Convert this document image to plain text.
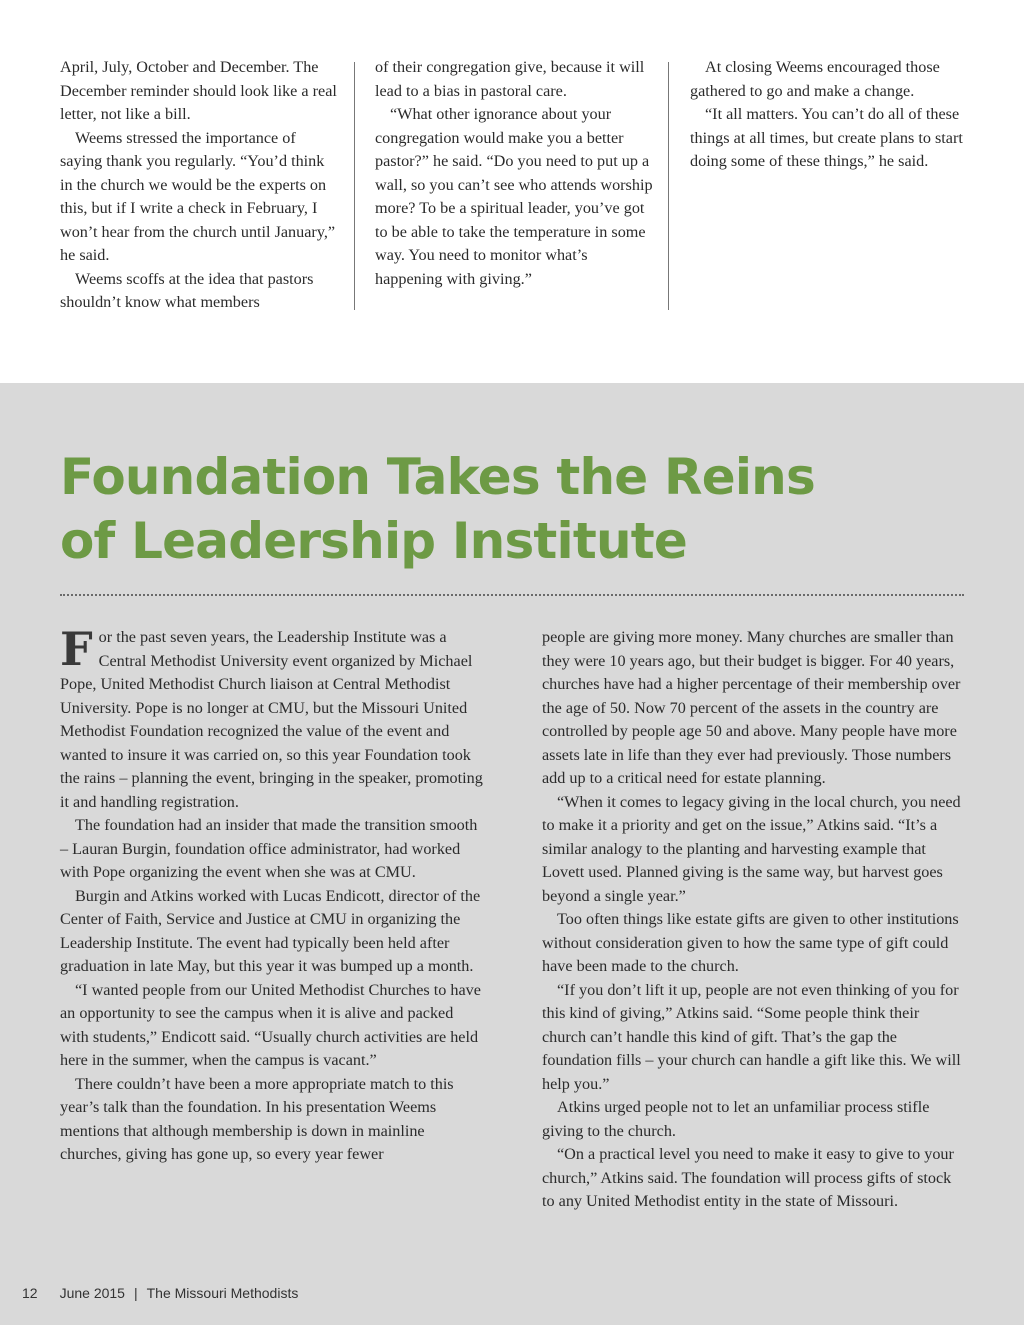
April, July, October and December. The December reminder should look like a real letter, not like a bill.

Weems stressed the importance of saying thank you regularly. “You’d think in the church we would be the experts on this, but if I write a check in February, I won’t hear from the church until January,” he said.

Weems scoffs at the idea that pastors shouldn’t know what members

of their congregation give, because it will lead to a bias in pastoral care.

“What other ignorance about your congregation would make you a better pastor?” he said. “Do you need to put up a wall, so you can’t see who attends worship more? To be a spiritual leader, you’ve got to be able to take the temperature in some way. You need to monitor what’s happening with giving.”

At closing Weems encouraged those gathered to go and make a change.

“It all matters. You can’t do all of these things at all times, but create plans to start doing some of these things,” he said.

Foundation Takes the Reins
of Leadership Institute

For the past seven years, the Leadership Institute was a Central Methodist University event organized by Michael Pope, United Methodist Church liaison at Central Methodist University. Pope is no longer at CMU, but the Missouri United Methodist Foundation recognized the value of the event and wanted to insure it was carried on, so this year Foundation took the rains – planning the event, bringing in the speaker, promoting it and handling registration.

The foundation had an insider that made the transition smooth – Lauran Burgin, foundation office administrator, had worked with Pope organizing the event when she was at CMU.

Burgin and Atkins worked with Lucas Endicott, director of the Center of Faith, Service and Justice at CMU in organizing the Leadership Institute. The event had typically been held after graduation in late May, but this year it was bumped up a month.

“I wanted people from our United Methodist Churches to have an opportunity to see the campus when it is alive and packed with students,” Endicott said. “Usually church activities are held here in the summer, when the campus is vacant.”

There couldn’t have been a more appropriate match to this year’s talk than the foundation. In his presentation Weems mentions that although membership is down in mainline churches, giving has gone up, so every year fewer

people are giving more money. Many churches are smaller than they were 10 years ago, but their budget is bigger. For 40 years, churches have had a higher percentage of their membership over the age of 50. Now 70 percent of the assets in the country are controlled by people age 50 and above. Many people have more assets late in life than they ever had previously. Those numbers add up to a critical need for estate planning.

“When it comes to legacy giving in the local church, you need to make it a priority and get on the issue,” Atkins said. “It’s a similar analogy to the planting and harvesting example that Lovett used. Planned giving is the same way, but harvest goes beyond a single year.”

Too often things like estate gifts are given to other institutions without consideration given to how the same type of gift could have been made to the church.

“If you don’t lift it up, people are not even thinking of you for this kind of giving,” Atkins said. “Some people think their church can’t handle this kind of gift. That’s the gap the foundation fills – your church can handle a gift like this. We will help you.”

Atkins urged people not to let an unfamiliar process stifle giving to the church.

“On a practical level you need to make it easy to give to your church,” Atkins said. The foundation will process gifts of stock to any United Methodist entity in the state of Missouri.

12 June 2015 | The Missouri Methodists
